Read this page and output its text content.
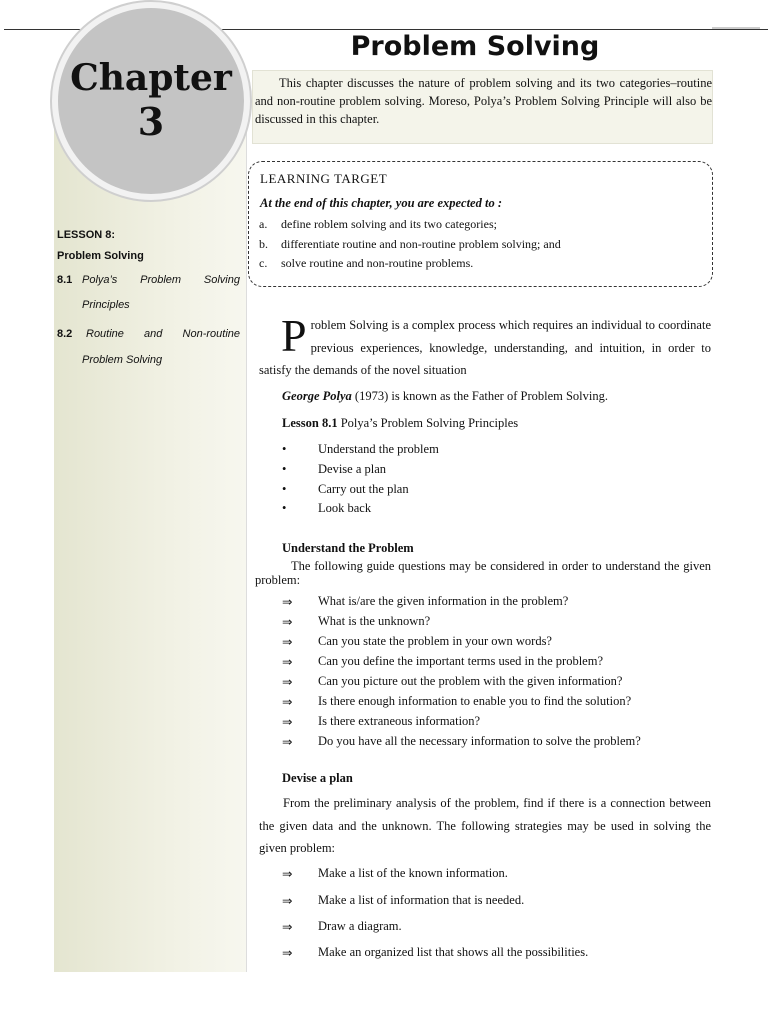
Chapter
3
Problem Solving

This chapter discusses the nature of problem solving and its two categories–routine and non-routine problem solving. Moreso, Polya’s Problem Solving Principle will also be discussed in this chapter.

LEARNING TARGET
At the end of this chapter, you are expected to :
a. define roblem solving and its two categories;
b. differentiate routine and non-routine problem solving; and
c. solve routine and non-routine problems.
LESSON 8:
Problem Solving
8.1 Polya’s Problem Solving
Principles
8.2 Routine and Non-routine
Problem Solving	Problem Solving is a complex process which requires an individual to coordinate previous experiences, knowledge, understanding, and intuition, in order to satisfy the demands of the novel situation

George Polya (1973) is known as the Father of Problem Solving.
Lesson 8.1 Polya’s Problem Solving Principles
•	Understand the problem
•	Devise a plan
•	Carry out the plan
•	Look back
Understand the Problem

The following guide questions may be considered in order to understand the given problem:

⇒ What is/are the given information in the problem?
⇒ What is the unknown?
⇒ Can you state the problem in your own words?
⇒ Can you define the important terms used in the problem?
⇒ Can you picture out the problem with the given information?
⇒ Is there enough information to enable you to find the solution?
⇒ Is there extraneous information?
⇒ Do you have all the necessary information to solve the problem?
Devise a plan

From the preliminary analysis of the problem, find if there is a connection between the given data and the unknown. The following strategies may be used in solving the given problem:

⇒ Make a list of the known information.
⇒ Make a list of information that is needed.
⇒ Draw a diagram.
⇒ Make an organized list that shows all the possibilities.
